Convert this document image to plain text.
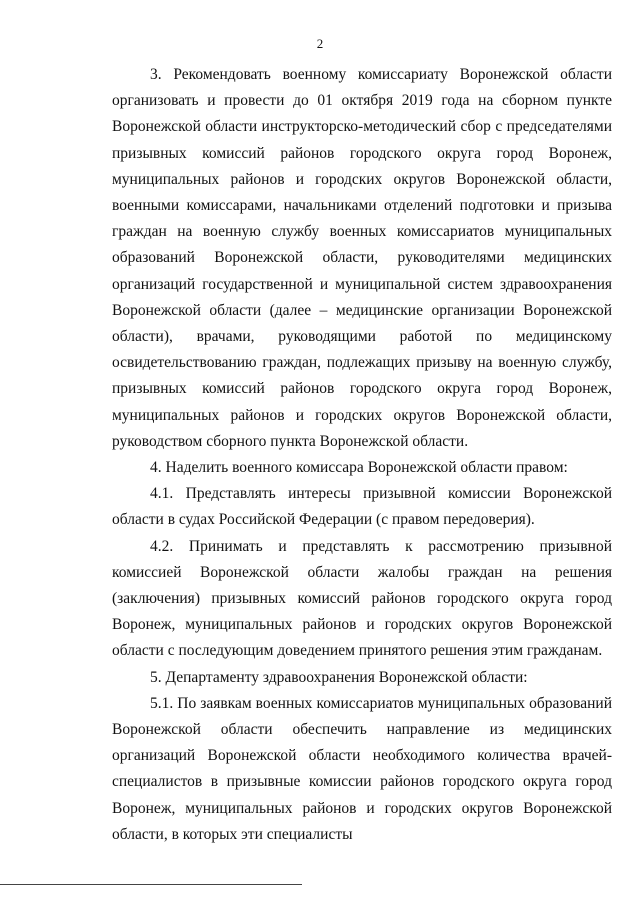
2

3. Рекомендовать военному комиссариату Воронежской области организовать и провести до 01 октября 2019 года на сборном пункте Воронежской области инструкторско-методический сбор с председателями призывных комиссий районов городского округа город Воронеж, муниципальных районов и городских округов Воронежской области, военными комиссарами, начальниками отделений подготовки и призыва граждан на военную службу военных комиссариатов муниципальных образований Воронежской области, руководителями медицинских организаций государственной и муниципальной систем здравоохранения Воронежской области (далее – медицинские организации Воронежской области), врачами, руководящими работой по медицинскому освидетельствованию граждан, подлежащих призыву на военную службу, призывных комиссий районов городского округа город Воронеж, муниципальных районов и городских округов Воронежской области, руководством сборного пункта Воронежской области.

4. Наделить военного комиссара Воронежской области правом:

4.1. Представлять интересы призывной комиссии Воронежской области в судах Российской Федерации (с правом передоверия).

4.2. Принимать и представлять к рассмотрению призывной комиссией Воронежской области жалобы граждан на решения (заключения) призывных комиссий районов городского округа город Воронеж, муниципальных районов и городских округов Воронежской области с последующим доведением принятого решения этим гражданам.

5. Департаменту здравоохранения Воронежской области:

5.1. По заявкам военных комиссариатов муниципальных образований Воронежской области обеспечить направление из медицинских организаций Воронежской области необходимого количества врачей-специалистов в призывные комиссии районов городского округа город Воронеж, муниципальных районов и городских округов Воронежской области, в которых эти специалисты
